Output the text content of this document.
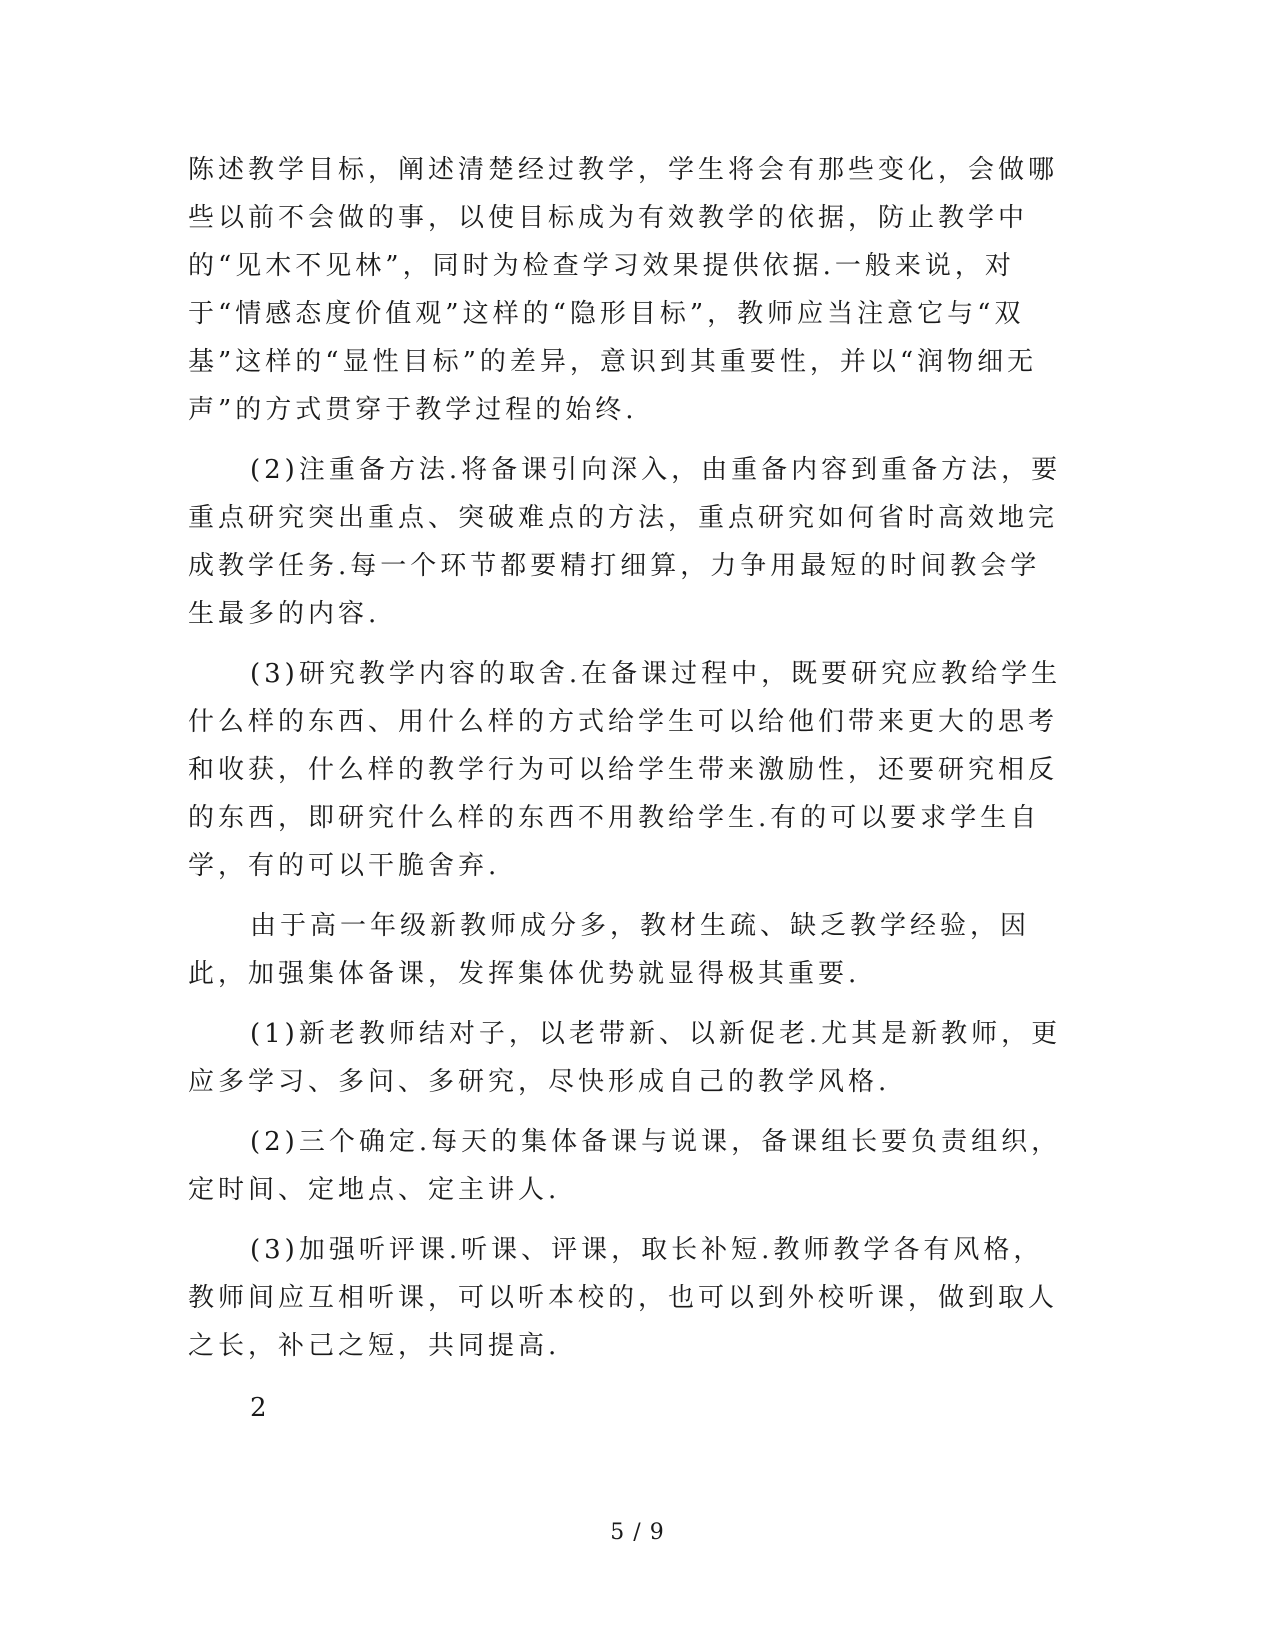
陈述教学目标，阐述清楚经过教学，学生将会有那些变化，会做哪些以前不会做的事，以使目标成为有效教学的依据，防止教学中的“见木不见林”，同时为检查学习效果提供依据.一般来说，对于“情感态度价值观”这样的“隐形目标”，教师应当注意它与“双基”这样的“显性目标”的差异，意识到其重要性，并以“润物细无声”的方式贯穿于教学过程的始终.

(2)注重备方法.将备课引向深入，由重备内容到重备方法，要重点研究突出重点、突破难点的方法，重点研究如何省时高效地完成教学任务.每一个环节都要精打细算，力争用最短的时间教会学生最多的内容.

(3)研究教学内容的取舍.在备课过程中，既要研究应教给学生什么样的东西、用什么样的方式给学生可以给他们带来更大的思考和收获，什么样的教学行为可以给学生带来激励性，还要研究相反的东西，即研究什么样的东西不用教给学生.有的可以要求学生自学，有的可以干脆舍弃.

由于高一年级新教师成分多，教材生疏、缺乏教学经验，因此，加强集体备课，发挥集体优势就显得极其重要.

(1)新老教师结对子，以老带新、以新促老.尤其是新教师，更应多学习、多问、多研究，尽快形成自己的教学风格.

(2)三个确定.每天的集体备课与说课，备课组长要负责组织，定时间、定地点、定主讲人.

(3)加强听评课.听课、评课，取长补短.教师教学各有风格，教师间应互相听课，可以听本校的，也可以到外校听课，做到取人之长，补己之短，共同提高.

2
5 / 9
